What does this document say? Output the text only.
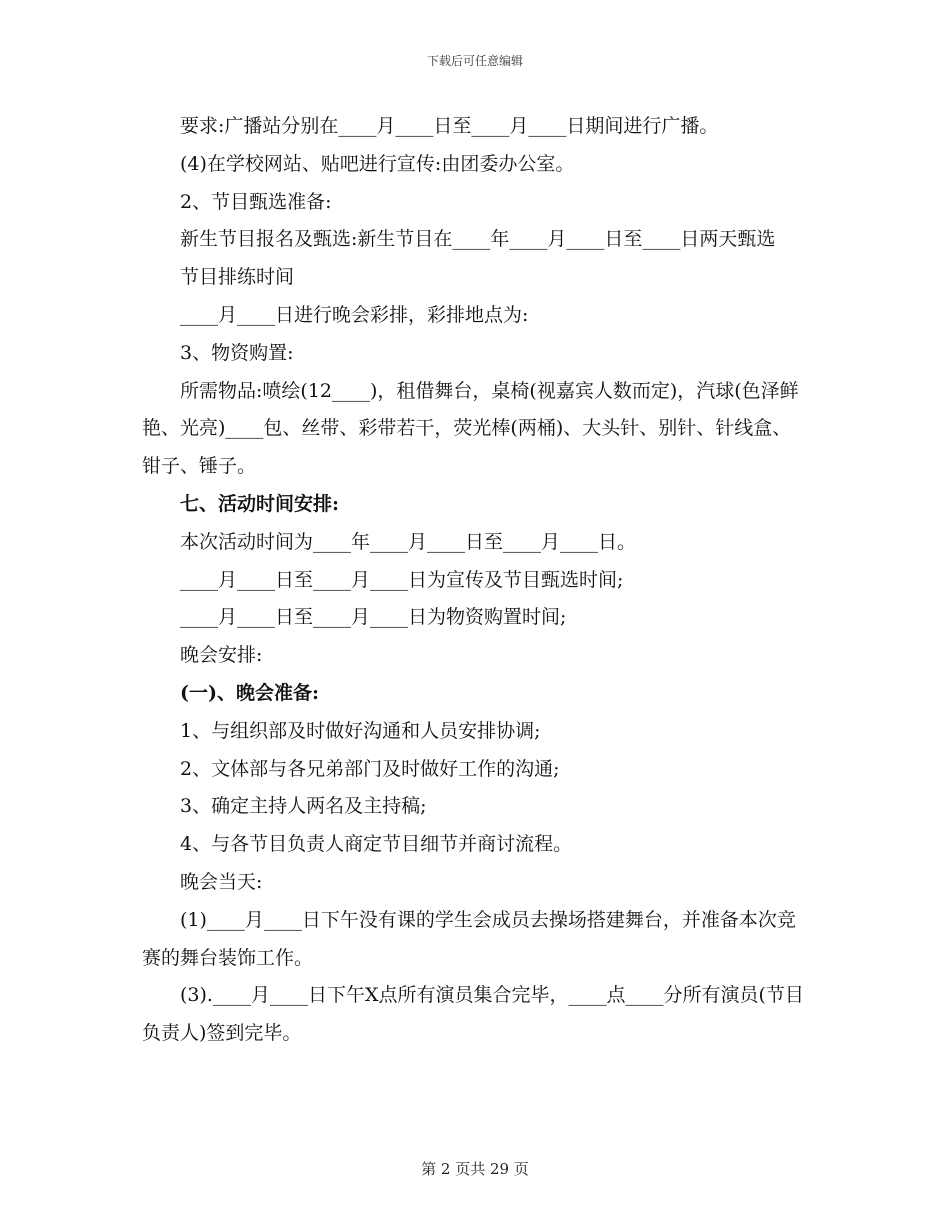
下载后可任意编辑

要求:广播站分别在____月____日至____月____日期间进行广播。

(4)在学校网站、贴吧进行宣传:由团委办公室。

2、节目甄选准备:

新生节目报名及甄选:新生节目在____年____月____日至____日两天甄选

节目排练时间

____月____日进行晚会彩排，彩排地点为:

3、物资购置:

所需物品:喷绘(12____)，租借舞台，桌椅(视嘉宾人数而定)，汽球(色泽鲜艳、光亮)____包、丝带、彩带若干，荧光棒(两桶)、大头针、别针、针线盒、钳子、锤子。

七、活动时间安排:

本次活动时间为____年____月____日至____月____日。

____月____日至____月____日为宣传及节目甄选时间;

____月____日至____月____日为物资购置时间;

晚会安排:

(一)、晚会准备:

1、与组织部及时做好沟通和人员安排协调;

2、文体部与各兄弟部门及时做好工作的沟通;

3、确定主持人两名及主持稿;

4、与各节目负责人商定节目细节并商讨流程。

晚会当天:

(1)____月____日下午没有课的学生会成员去操场搭建舞台，并准备本次竞赛的舞台装饰工作。

(3).____月____日下午X点所有演员集合完毕，____点____分所有演员(节目负责人)签到完毕。

第 2 页共 29 页
